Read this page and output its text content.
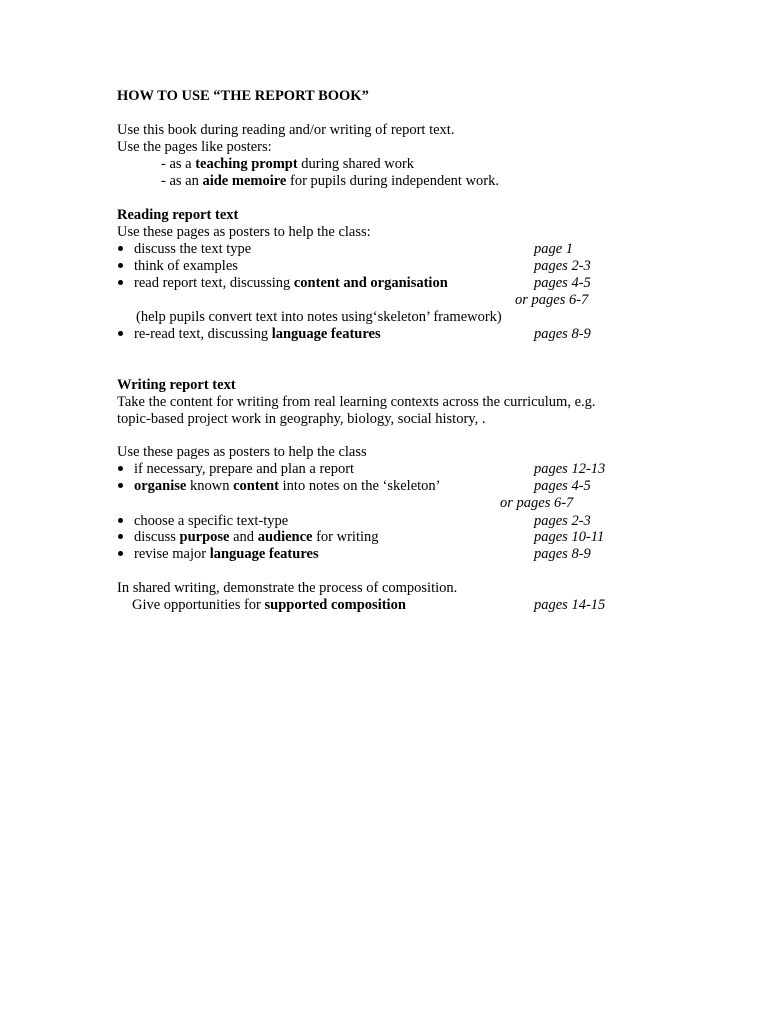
HOW TO USE “THE REPORT BOOK”
Use this book during reading and/or writing of report text.
Use the pages like posters:
- as a teaching prompt during shared work
- as an aide memoire for pupils during independent work.
Reading report text
Use these pages as posters to help the class:
discuss the text type	page 1
think of examples	pages 2-3
read report text, discussing content and organisation	pages 4-5
or pages 6-7
(help pupils convert text into notes using‘skeleton’ framework)
re-read text, discussing language features	pages 8-9
Writing report text
Take the content for writing from real learning contexts across the curriculum, e.g.
topic-based project work in geography, biology, social history, .
Use these pages as posters to help the class
if necessary, prepare and plan a report	pages 12-13
organise known content into notes on the ‘skeleton’	pages 4-5
or pages 6-7
choose a specific text-type	pages 2-3
discuss purpose and audience for writing	pages 10-11
revise major language features	pages 8-9
In shared writing, demonstrate the process of composition.
Give opportunities for supported composition	pages 14-15
